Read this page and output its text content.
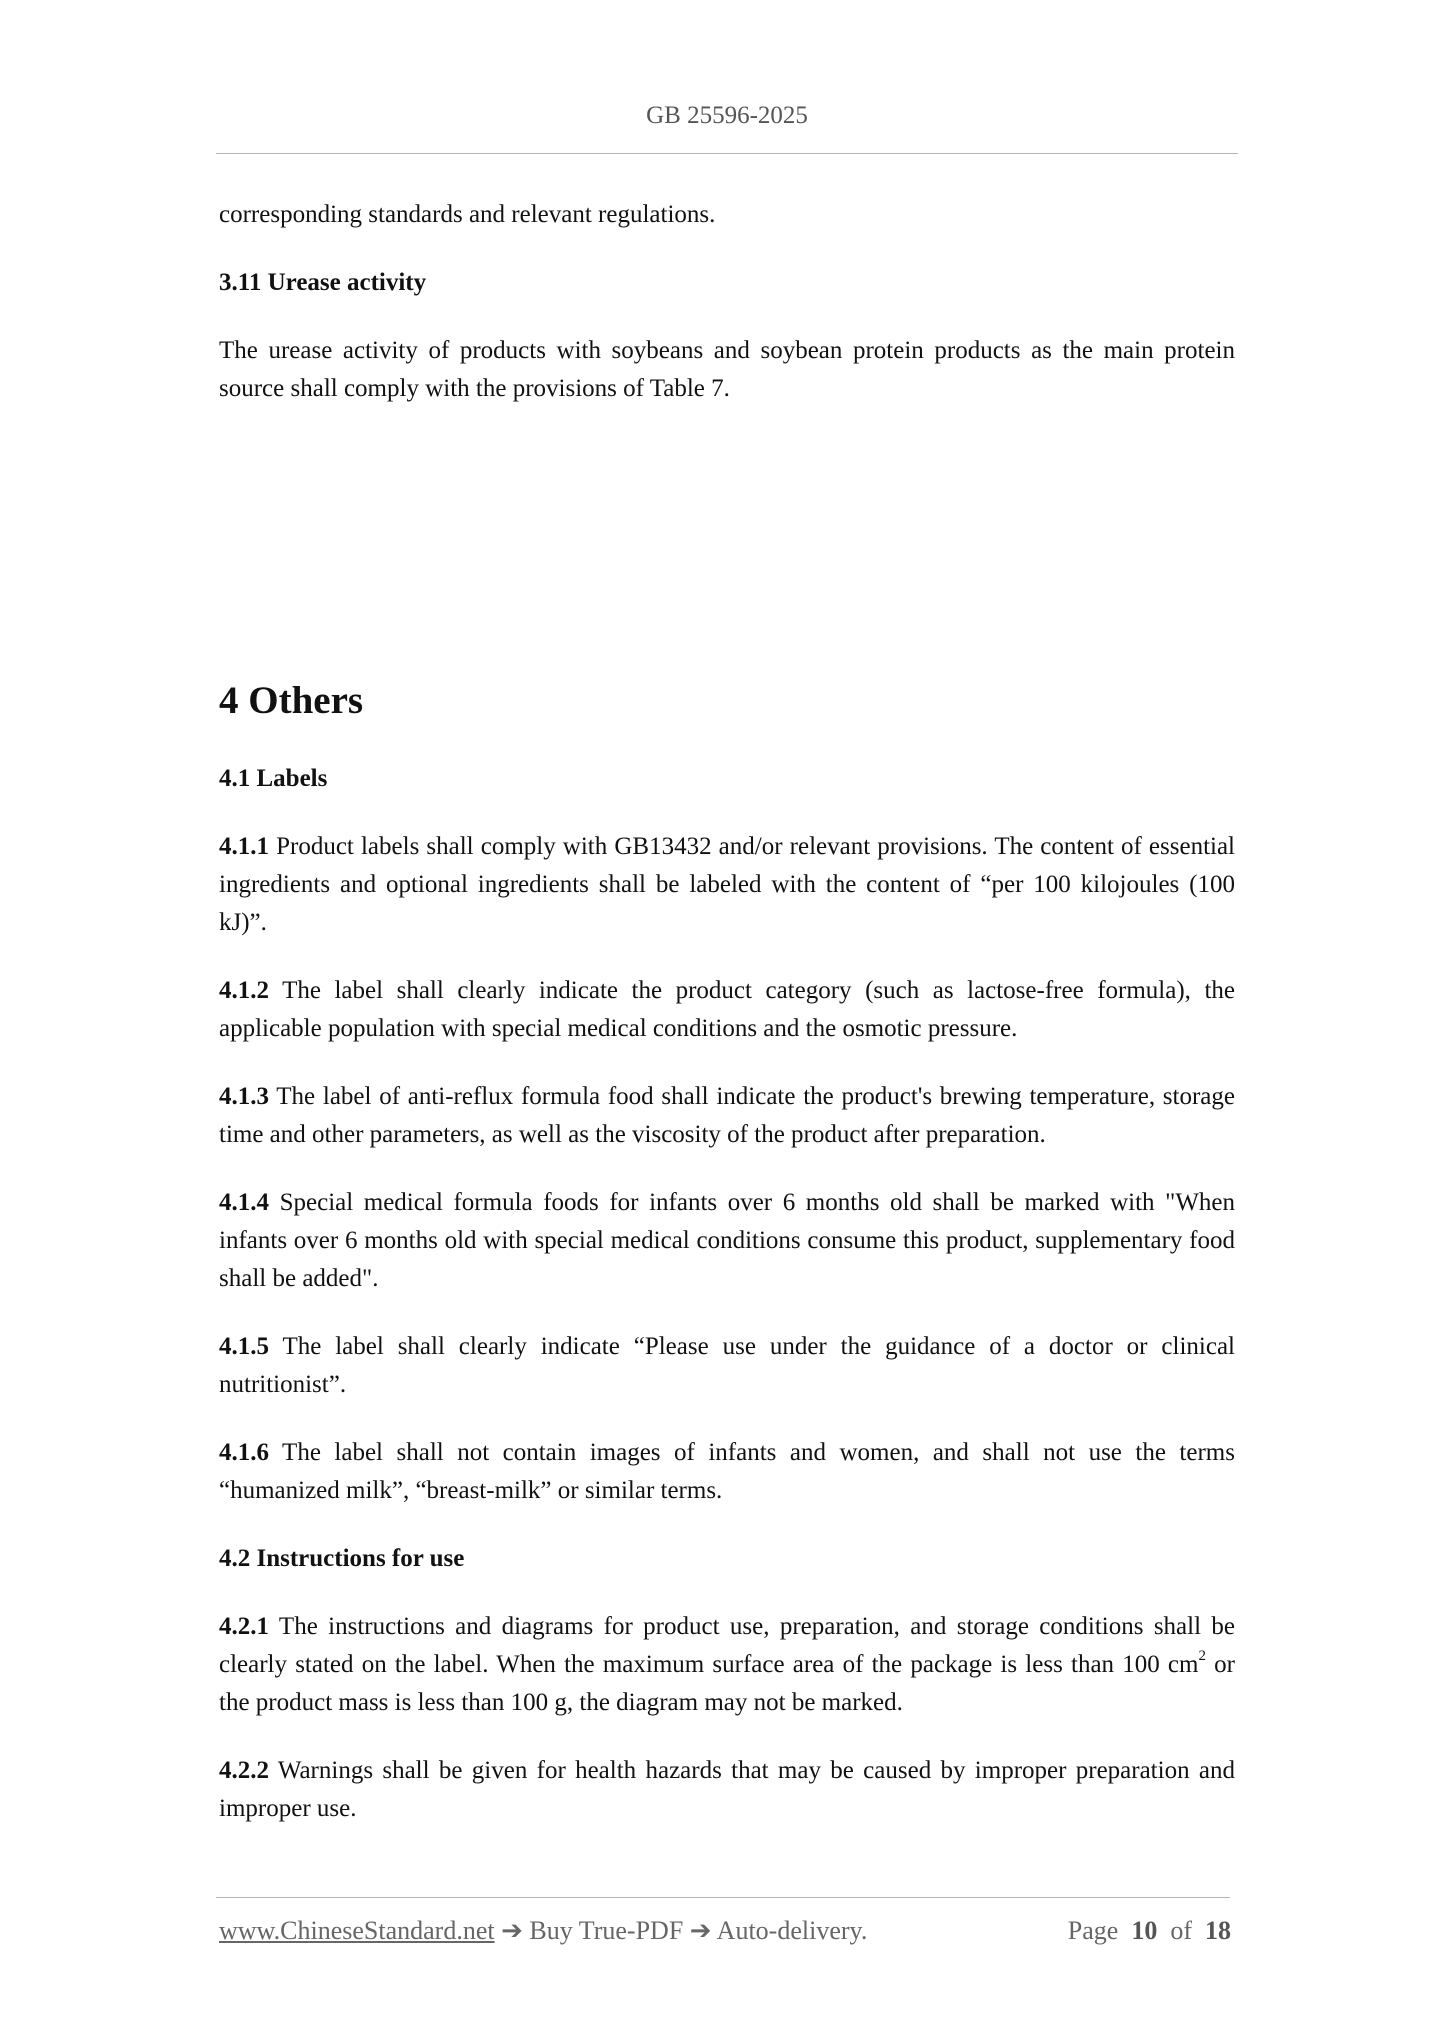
GB 25596-2025

corresponding standards and relevant regulations.

3.11 Urease activity

The urease activity of products with soybeans and soybean protein products as the main protein source shall comply with the provisions of Table 7.

4 Others

4.1 Labels

4.1.1 Product labels shall comply with GB13432 and/or relevant provisions. The content of essential ingredients and optional ingredients shall be labeled with the content of “per 100 kilojoules (100 kJ)”.

4.1.2 The label shall clearly indicate the product category (such as lactose-free formula), the applicable population with special medical conditions and the osmotic pressure.

4.1.3 The label of anti-reflux formula food shall indicate the product's brewing temperature, storage time and other parameters, as well as the viscosity of the product after preparation.

4.1.4 Special medical formula foods for infants over 6 months old shall be marked with "When infants over 6 months old with special medical conditions consume this product, supplementary food shall be added".

4.1.5 The label shall clearly indicate “Please use under the guidance of a doctor or clinical nutritionist”.

4.1.6 The label shall not contain images of infants and women, and shall not use the terms “humanized milk”, “breast-milk” or similar terms.

4.2 Instructions for use

4.2.1 The instructions and diagrams for product use, preparation, and storage conditions shall be clearly stated on the label. When the maximum surface area of the package is less than 100 $cm^2$ or the product mass is less than 100 g, the diagram may not be marked.

4.2.2 Warnings shall be given for health hazards that may be caused by improper preparation and improper use.

www.ChineseStandard.net ➔ Buy True-PDF ➔ Auto-delivery.	Page 10 of 18
